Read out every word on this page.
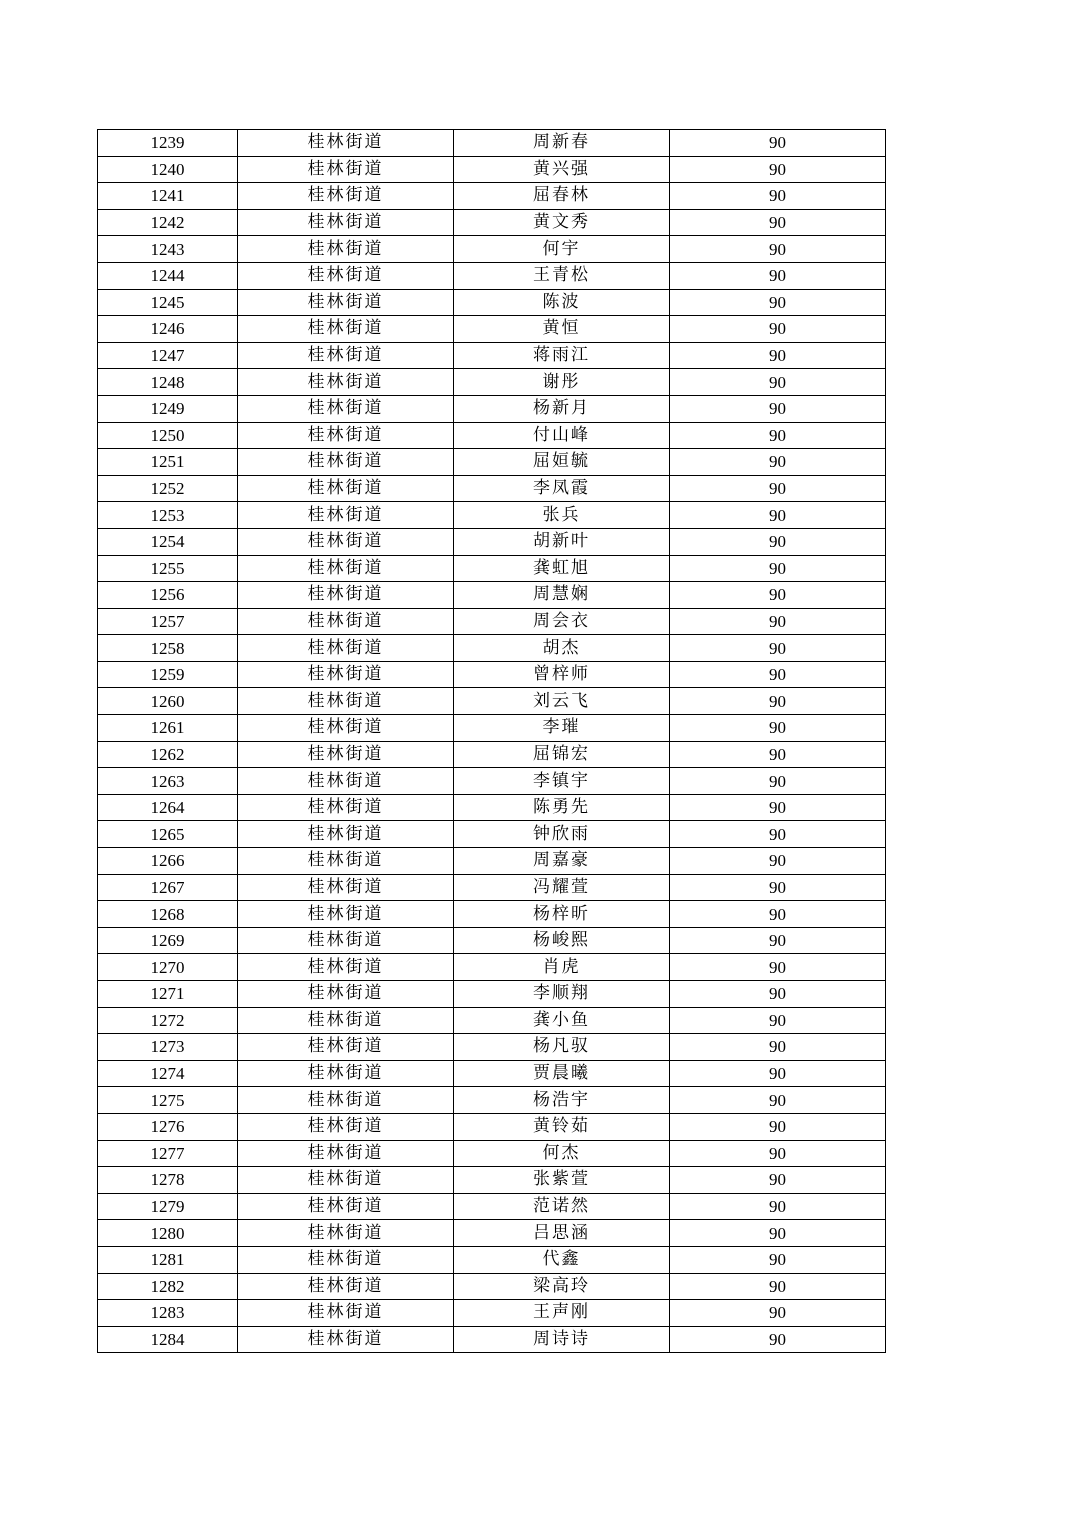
1239	桂林街道	周新春	90
1240	桂林街道	黄兴强	90
1241	桂林街道	屈春林	90
1242	桂林街道	黄文秀	90
1243	桂林街道	何宇	90
1244	桂林街道	王青松	90
1245	桂林街道	陈波	90
1246	桂林街道	黄恒	90
1247	桂林街道	蒋雨江	90
1248	桂林街道	谢彤	90
1249	桂林街道	杨新月	90
1250	桂林街道	付山峰	90
1251	桂林街道	屈姮毓	90
1252	桂林街道	李凤霞	90
1253	桂林街道	张兵	90
1254	桂林街道	胡新叶	90
1255	桂林街道	龚虹旭	90
1256	桂林街道	周慧娴	90
1257	桂林街道	周会衣	90
1258	桂林街道	胡杰	90
1259	桂林街道	曾梓师	90
1260	桂林街道	刘云飞	90
1261	桂林街道	李璀	90
1262	桂林街道	屈锦宏	90
1263	桂林街道	李镇宇	90
1264	桂林街道	陈勇先	90
1265	桂林街道	钟欣雨	90
1266	桂林街道	周嘉豪	90
1267	桂林街道	冯耀萱	90
1268	桂林街道	杨梓昕	90
1269	桂林街道	杨峻熙	90
1270	桂林街道	肖虎	90
1271	桂林街道	李顺翔	90
1272	桂林街道	龚小鱼	90
1273	桂林街道	杨凡驭	90
1274	桂林街道	贾晨曦	90
1275	桂林街道	杨浩宇	90
1276	桂林街道	黄铃茹	90
1277	桂林街道	何杰	90
1278	桂林街道	张紫萱	90
1279	桂林街道	范诺然	90
1280	桂林街道	吕思涵	90
1281	桂林街道	代鑫	90
1282	桂林街道	梁高玲	90
1283	桂林街道	王声刚	90
1284	桂林街道	周诗诗	90
